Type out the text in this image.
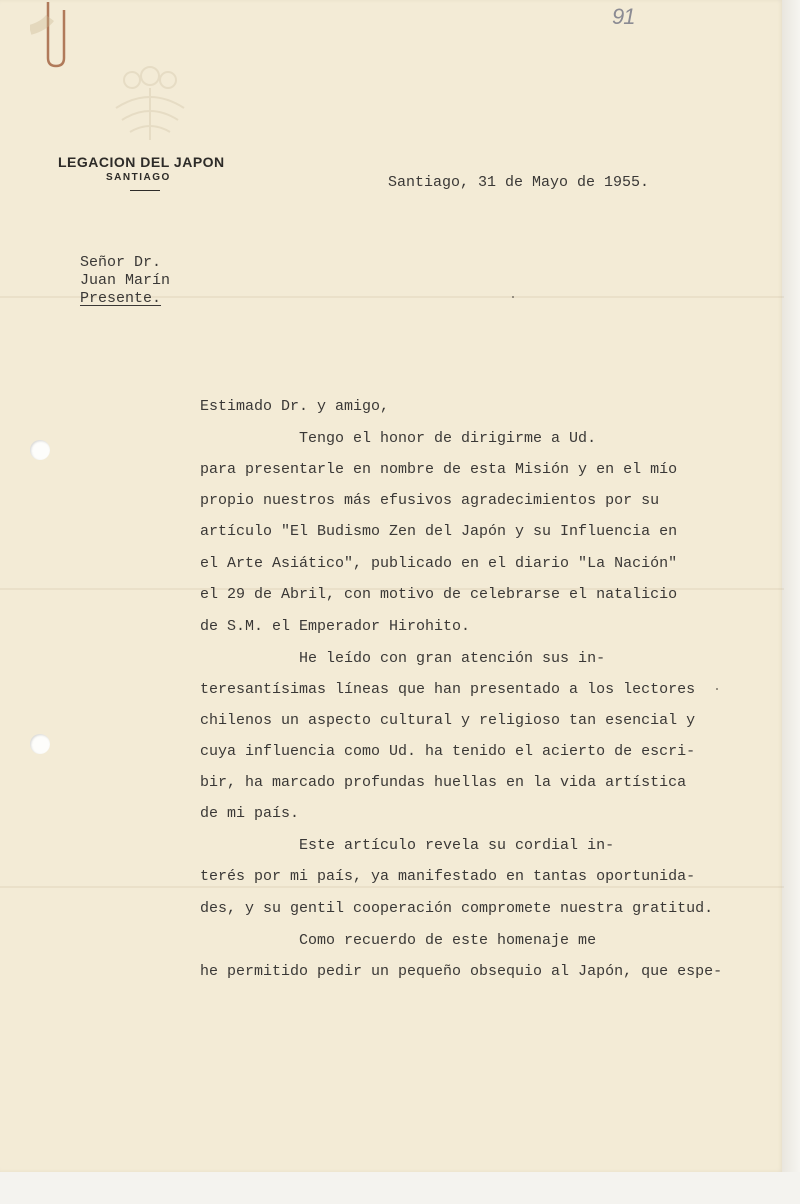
91
LEGACION DEL JAPON
SANTIAGO	Santiago, 31 de Mayo de 1955.
Señor Dr.
Juan Marín
Presente.
Estimado Dr. y amigo,
Tengo el honor de dirigirme a Ud.
para presentarle en nombre de esta Misión y en el mío
propio nuestros más efusivos agradecimientos por su
artículo "El Budismo Zen del Japón y su Influencia en
el Arte Asiático", publicado en el diario "La Nación"
el 29 de Abril, con motivo de celebrarse el natalicio
de S.M. el Emperador Hirohito.
He leído con gran atención sus in-
teresantísimas líneas que han presentado a los lectores
chilenos un aspecto cultural y religioso tan esencial y
cuya influencia como Ud. ha tenido el acierto de escri-
bir, ha marcado profundas huellas en la vida artística
de mi país.
Este artículo revela su cordial in-
terés por mi país, ya manifestado en tantas oportunida-
des, y su gentil cooperación compromete nuestra gratitud.
Como recuerdo de este homenaje me
he permitido pedir un pequeño obsequio al Japón, que espe-
